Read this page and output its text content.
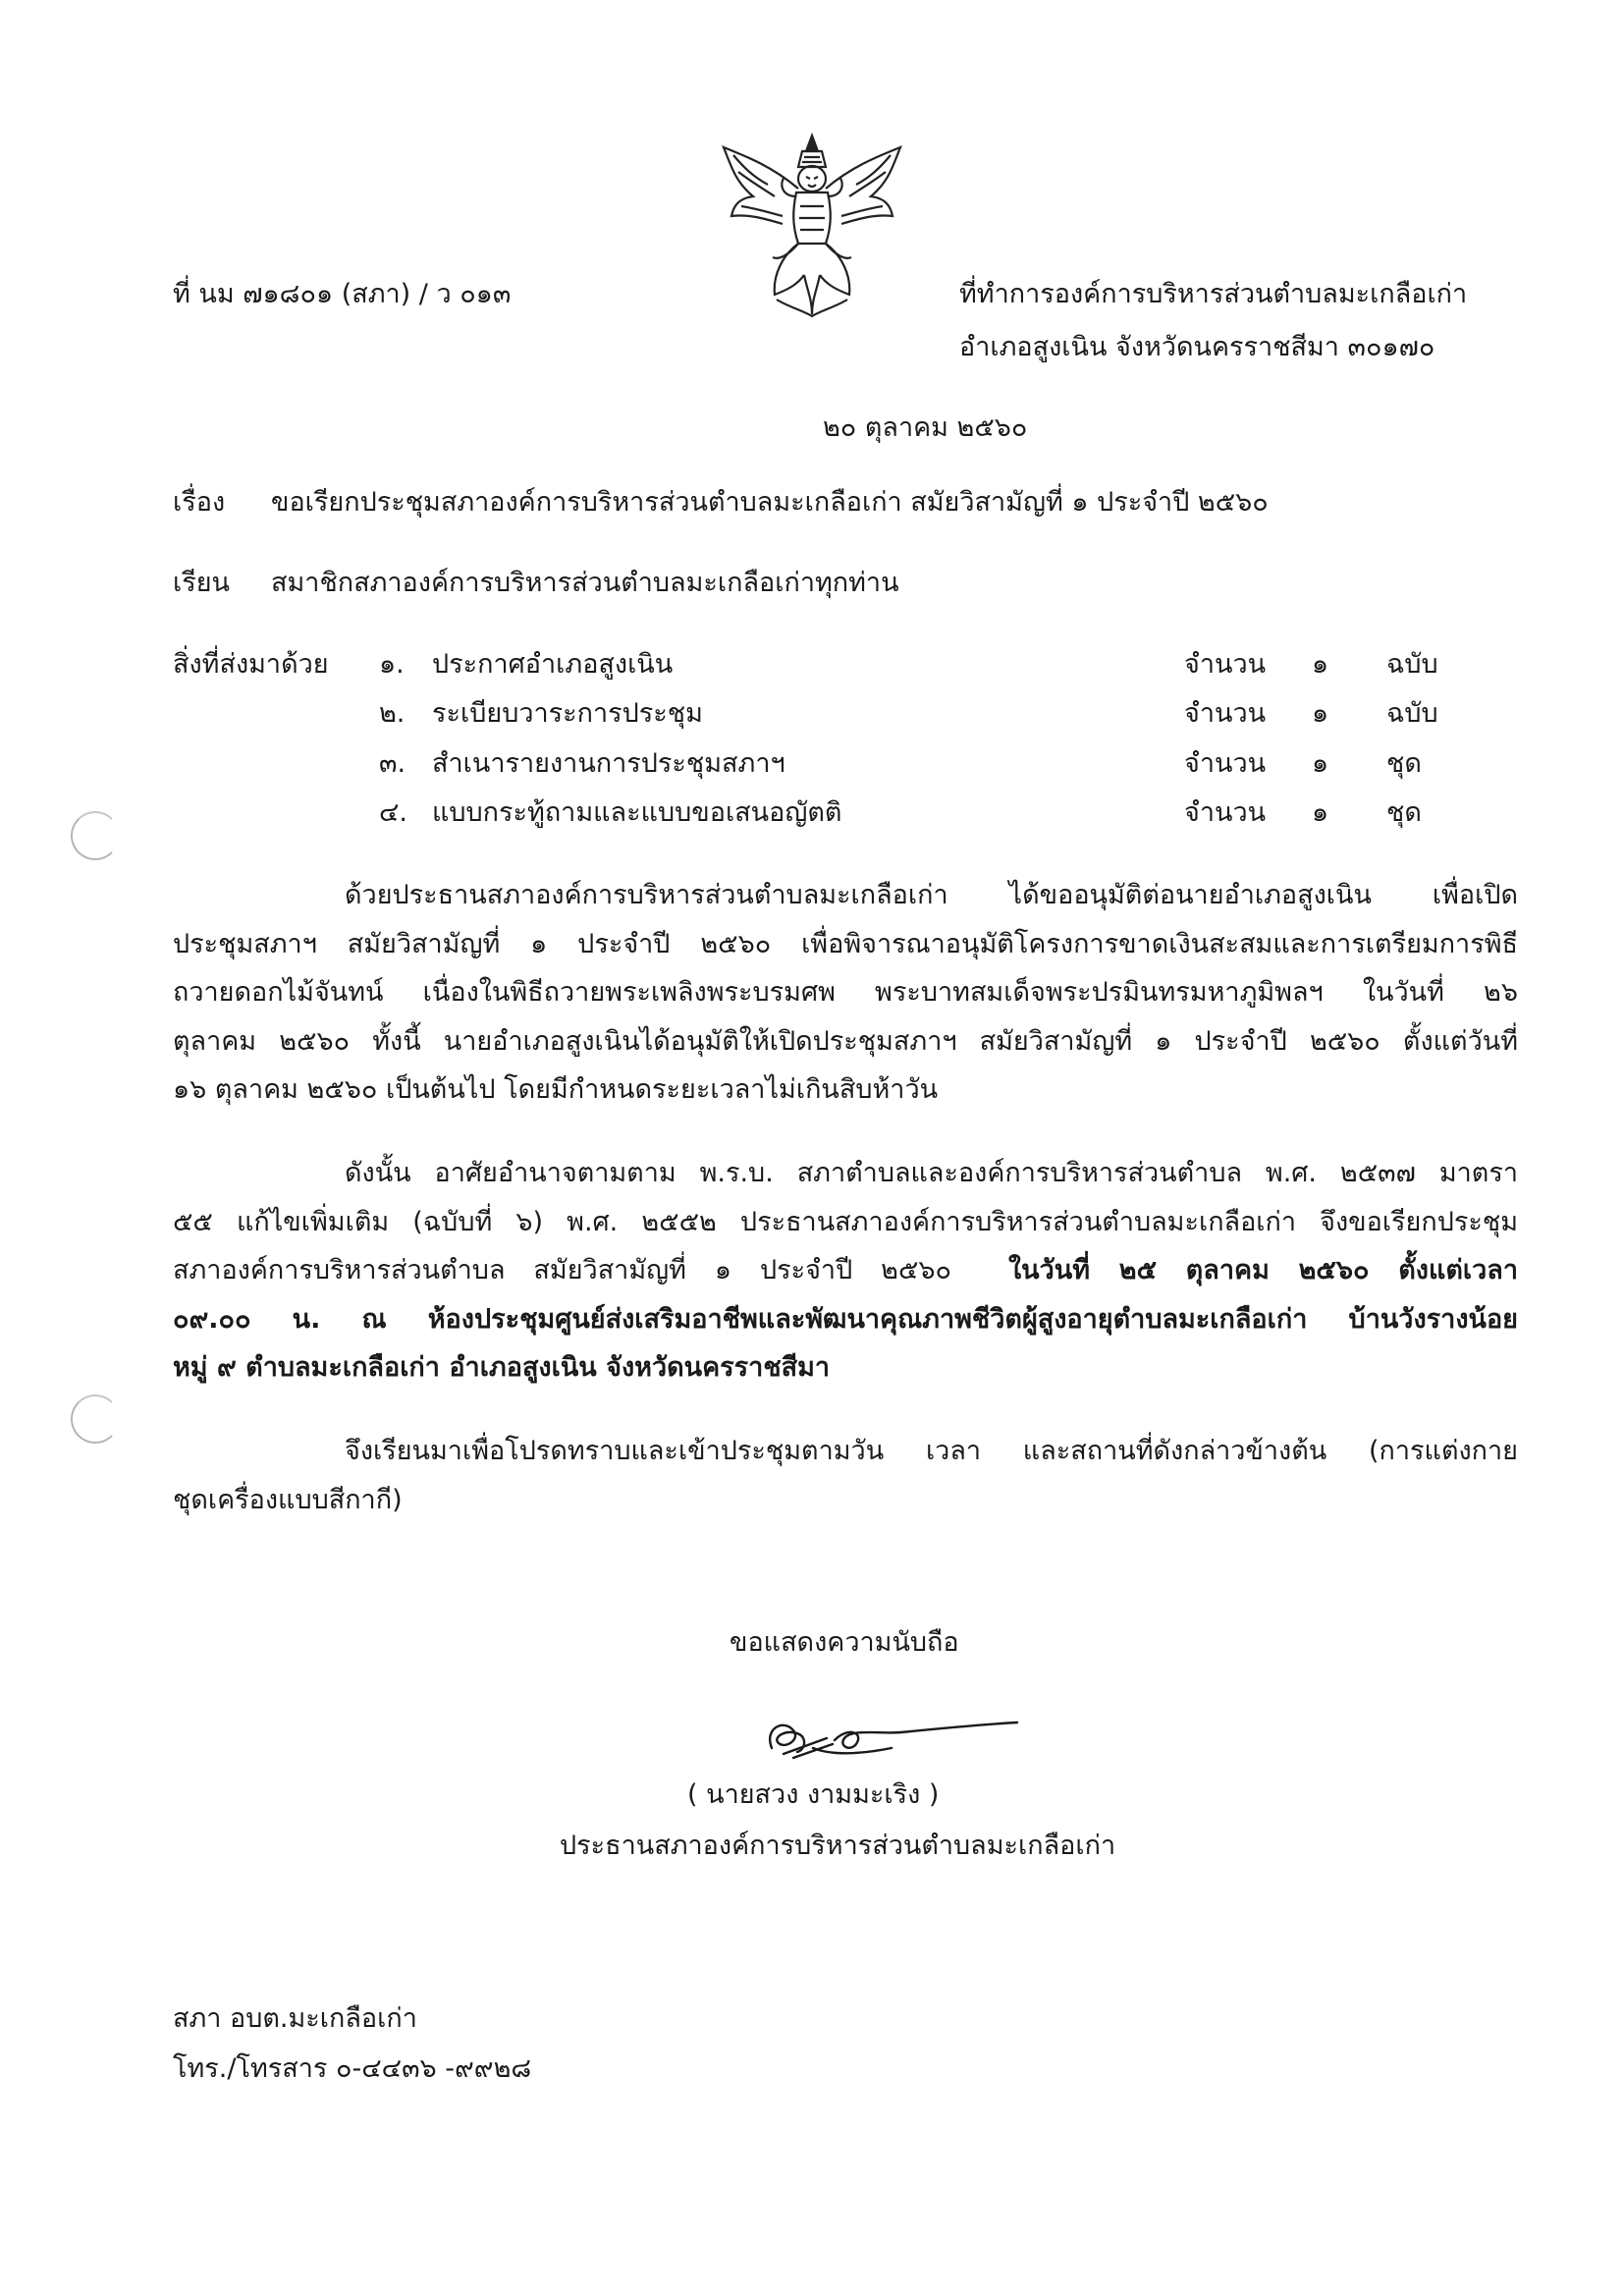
ที่ นม ๗๑๘๐๑ (สภา) / ว ๐๑๓	ที่ทำการองค์การบริหารส่วนตำบลมะเกลือเก่า
อำเภอสูงเนิน จังหวัดนครราชสีมา ๓๐๑๗๐
๒๐ ตุลาคม ๒๕๖๐
เรื่อง ขอเรียกประชุมสภาองค์การบริหารส่วนตำบลมะเกลือเก่า สมัยวิสามัญที่ ๑ ประจำปี ๒๕๖๐
เรียน สมาชิกสภาองค์การบริหารส่วนตำบลมะเกลือเก่าทุกท่าน
สิ่งที่ส่งมาด้วย ๑. ประกาศอำเภอสูงเนิน	จำนวน ๑ ฉบับ
๒. ระเบียบวาระการประชุม	จำนวน ๑ ฉบับ
๓. สำเนารายงานการประชุมสภาฯ	จำนวน ๑ ชุด
๔. แบบกระทู้ถามและแบบขอเสนอญัตติ	จำนวน ๑ ชุด
ด้วยประธานสภาองค์การบริหารส่วนตำบลมะเกลือเก่า ได้ขออนุมัติต่อนายอำเภอสูงเนิน เพื่อเปิด
ประชุมสภาฯ สมัยวิสามัญที่ ๑ ประจำปี ๒๕๖๐ เพื่อพิจารณาอนุมัติโครงการขาดเงินสะสมและการเตรียมการพิธี
ถวายดอกไม้จันทน์ เนื่องในพิธีถวายพระเพลิงพระบรมศพ พระบาทสมเด็จพระปรมินทรมหาภูมิพลฯ ในวันที่ ๒๖
ตุลาคม ๒๕๖๐ ทั้งนี้ นายอำเภอสูงเนินได้อนุมัติให้เปิดประชุมสภาฯ สมัยวิสามัญที่ ๑ ประจำปี ๒๕๖๐ ตั้งแต่วันที่
๑๖ ตุลาคม ๒๕๖๐ เป็นต้นไป โดยมีกำหนดระยะเวลาไม่เกินสิบห้าวัน
ดังนั้น อาศัยอำนาจตามตาม พ.ร.บ. สภาตำบลและองค์การบริหารส่วนตำบล พ.ศ. ๒๕๓๗ มาตรา
๕๕ แก้ไขเพิ่มเติม (ฉบับที่ ๖) พ.ศ. ๒๕๕๒ ประธานสภาองค์การบริหารส่วนตำบลมะเกลือเก่า จึงขอเรียกประชุม
สภาองค์การบริหารส่วนตำบล สมัยวิสามัญที่ ๑ ประจำปี ๒๕๖๐ ในวันที่ ๒๕ ตุลาคม ๒๕๖๐ ตั้งแต่เวลา
๐๙.๐๐ น. ณ ห้องประชุมศูนย์ส่งเสริมอาชีพและพัฒนาคุณภาพชีวิตผู้สูงอายุตำบลมะเกลือเก่า บ้านวังรางน้อย
หมู่ ๙ ตำบลมะเกลือเก่า อำเภอสูงเนิน จังหวัดนครราชสีมา
จึงเรียนมาเพื่อโปรดทราบและเข้าประชุมตามวัน เวลา และสถานที่ดังกล่าวข้างต้น (การแต่งกาย
ชุดเครื่องแบบสีกากี)
ขอแสดงความนับถือ
( นายสวง งามมะเริง )
ประธานสภาองค์การบริหารส่วนตำบลมะเกลือเก่า
สภา อบต.มะเกลือเก่า
โทร./โทรสาร ๐-๔๔๓๖ -๙๙๒๘
